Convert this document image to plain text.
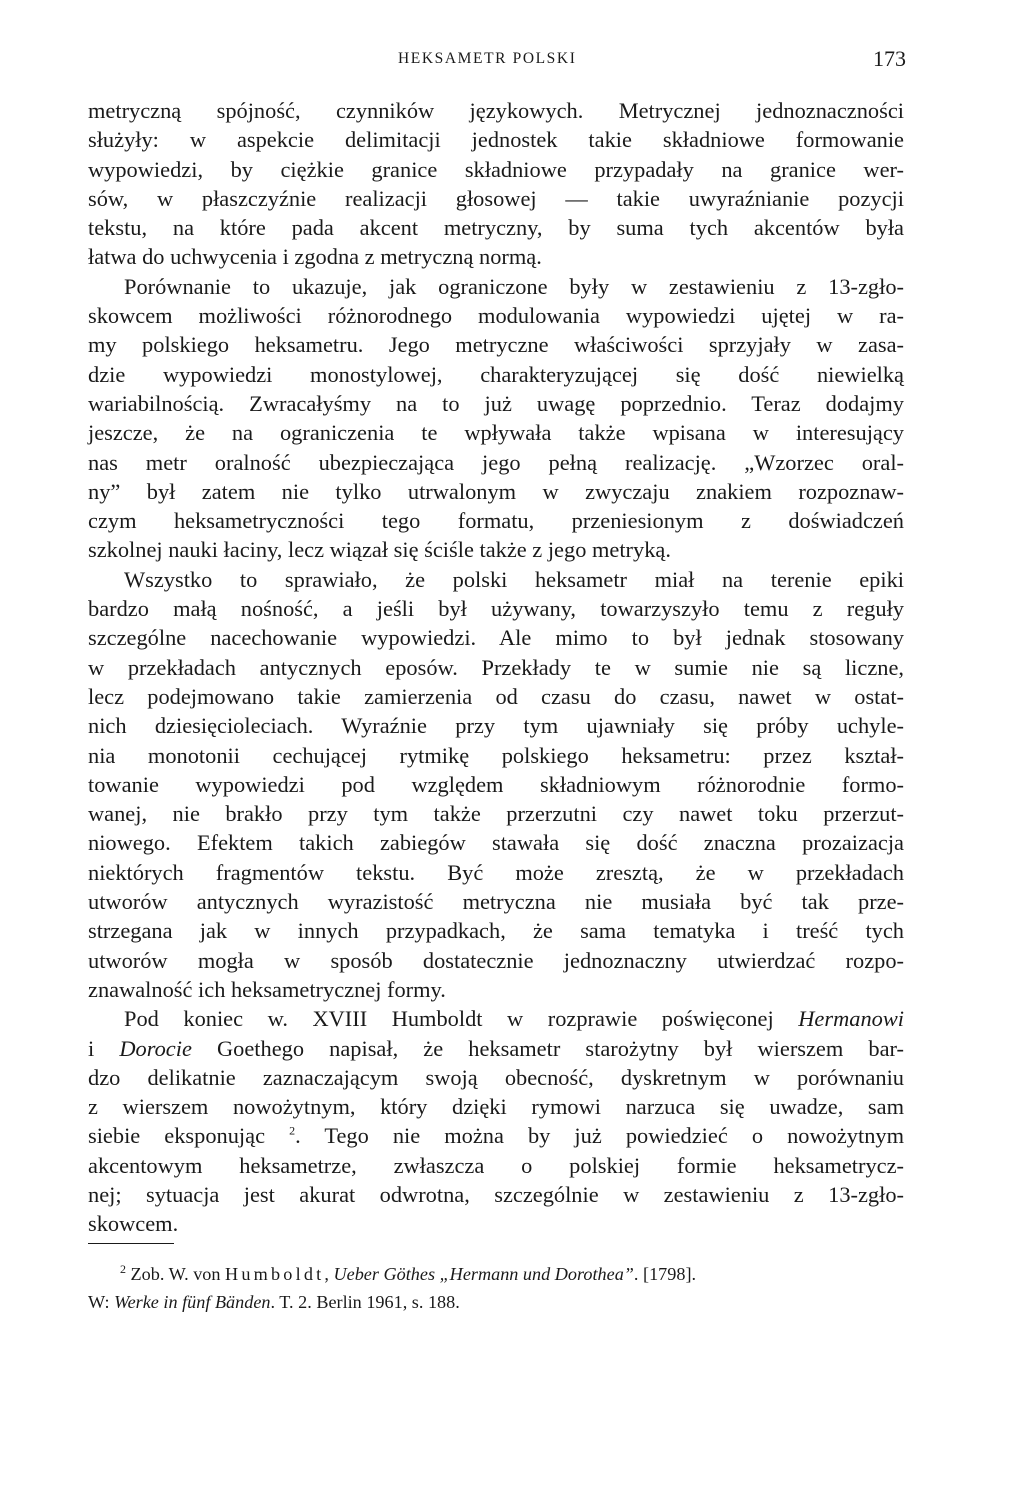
HEKSAMETR POLSKI	173

metryczną spójność, czynników językowych. Metrycznej jednoznaczności
służyły: w aspekcie delimitacji jednostek takie składniowe formowanie
wypowiedzi, by ciężkie granice składniowe przypadały na granice wer-
sów, w płaszczyźnie realizacji głosowej — takie uwyraźnianie pozycji
tekstu, na które pada akcent metryczny, by suma tych akcentów była
łatwa do uchwycenia i zgodna z metryczną normą.

Porównanie to ukazuje, jak ograniczone były w zestawieniu z 13-zgło-
skowcem możliwości różnorodnego modulowania wypowiedzi ujętej w ra-
my polskiego heksametru. Jego metryczne właściwości sprzyjały w zasa-
dzie wypowiedzi monostylowej, charakteryzującej się dość niewielką
wariabilnością. Zwracałyśmy na to już uwagę poprzednio. Teraz dodajmy
jeszcze, że na ograniczenia te wpływała także wpisana w interesujący
nas metr oralność ubezpieczająca jego pełną realizację. „Wzorzec oral-
ny” był zatem nie tylko utrwalonym w zwyczaju znakiem rozpoznaw-
czym heksametryczności tego formatu, przeniesionym z doświadczeń
szkolnej nauki łaciny, lecz wiązał się ściśle także z jego metryką.

Wszystko to sprawiało, że polski heksametr miał na terenie epiki
bardzo małą nośność, a jeśli był używany, towarzyszyło temu z reguły
szczególne nacechowanie wypowiedzi. Ale mimo to był jednak stosowany
w przekładach antycznych eposów. Przekłady te w sumie nie są liczne,
lecz podejmowano takie zamierzenia od czasu do czasu, nawet w ostat-
nich dziesięcioleciach. Wyraźnie przy tym ujawniały się próby uchyle-
nia monotonii cechującej rytmikę polskiego heksametru: przez kształ-
towanie wypowiedzi pod względem składniowym różnorodnie formo-
wanej, nie brakło przy tym także przerzutni czy nawet toku przerzut-
niowego. Efektem takich zabiegów stawała się dość znaczna prozaizacja
niektórych fragmentów tekstu. Być może zresztą, że w przekładach
utworów antycznych wyrazistość metryczna nie musiała być tak prze-
strzegana jak w innych przypadkach, że sama tematyka i treść tych
utworów mogła w sposób dostatecznie jednoznaczny utwierdzać rozpo-
znawalność ich heksametrycznej formy.

Pod koniec w. XVIII Humboldt w rozprawie poświęconej Hermanowi
i Dorocie Goethego napisał, że heksametr starożytny był wierszem bar-
dzo delikatnie zaznaczającym swoją obecność, dyskretnym w porównaniu
z wierszem nowożytnym, który dzięki rymowi narzuca się uwadze, sam
siebie eksponując $^2$. Tego nie można by już powiedzieć o nowożytnym
akcentowym heksametrze, zwłaszcza o polskiej formie heksametrycz-
nej; sytuacja jest akurat odwrotna, szczególnie w zestawieniu z 13-zgło-
skowcem.

$^2$ Zob. W. von Humboldt, Ueber Göthes „Hermann und Dorothea”. [1798].
W: Werke in fünf Bänden. T. 2. Berlin 1961, s. 188.
